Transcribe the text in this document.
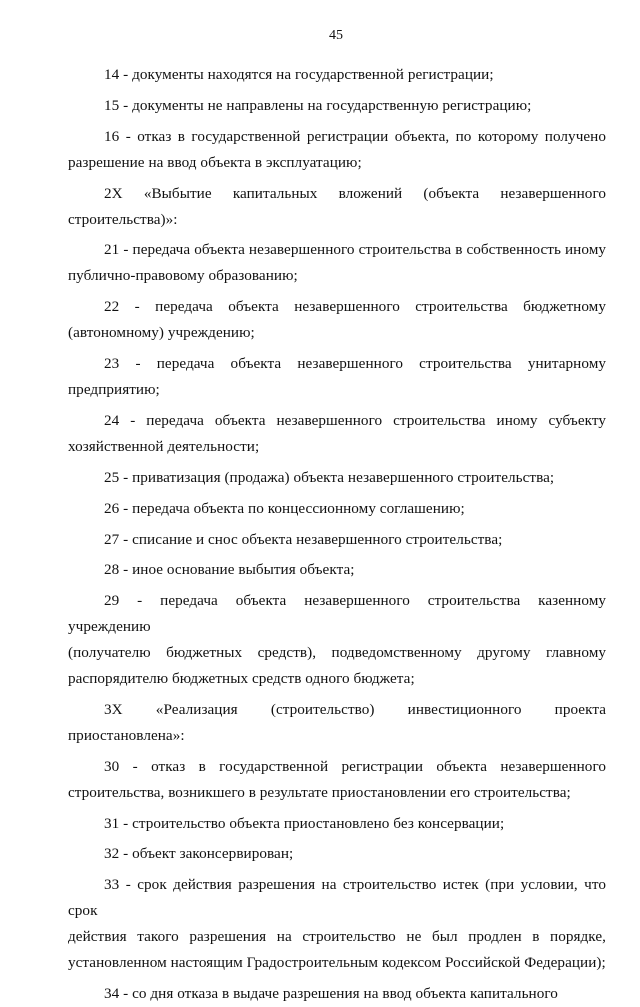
45
14 - документы находятся на государственной регистрации;
15 - документы не направлены на государственную регистрацию;
16 - отказ в государственной регистрации объекта, по которому получено
разрешение на ввод объекта в эксплуатацию;
2Х «Выбытие капитальных вложений (объекта незавершенного
строительства)»:
21 - передача объекта незавершенного строительства в собственность иному
публично-правовому образованию;
22 - передача объекта незавершенного строительства бюджетному
(автономному) учреждению;
23 - передача объекта незавершенного строительства унитарному
предприятию;
24 - передача объекта незавершенного строительства иному субъекту
хозяйственной деятельности;
25 - приватизация (продажа) объекта незавершенного строительства;
26 - передача объекта по концессионному соглашению;
27 - списание и снос объекта незавершенного строительства;
28 - иное основание выбытия объекта;
29 - передача объекта незавершенного строительства казенному учреждению
(получателю бюджетных средств), подведомственному другому главному
распорядителю бюджетных средств одного бюджета;
3Х «Реализация (строительство) инвестиционного проекта приостановлена»:
30 - отказ в государственной регистрации объекта незавершенного
строительства, возникшего в результате приостановлении его строительства;
31 - строительство объекта приостановлено без консервации;
32 - объект законсервирован;
33 - срок действия разрешения на строительство истек (при условии, что срок
действия такого разрешения на строительство не был продлен в порядке,
установленном настоящим Градостроительным кодексом Российской Федерации);
34 - со дня отказа в выдаче разрешения на ввод объекта капитального
